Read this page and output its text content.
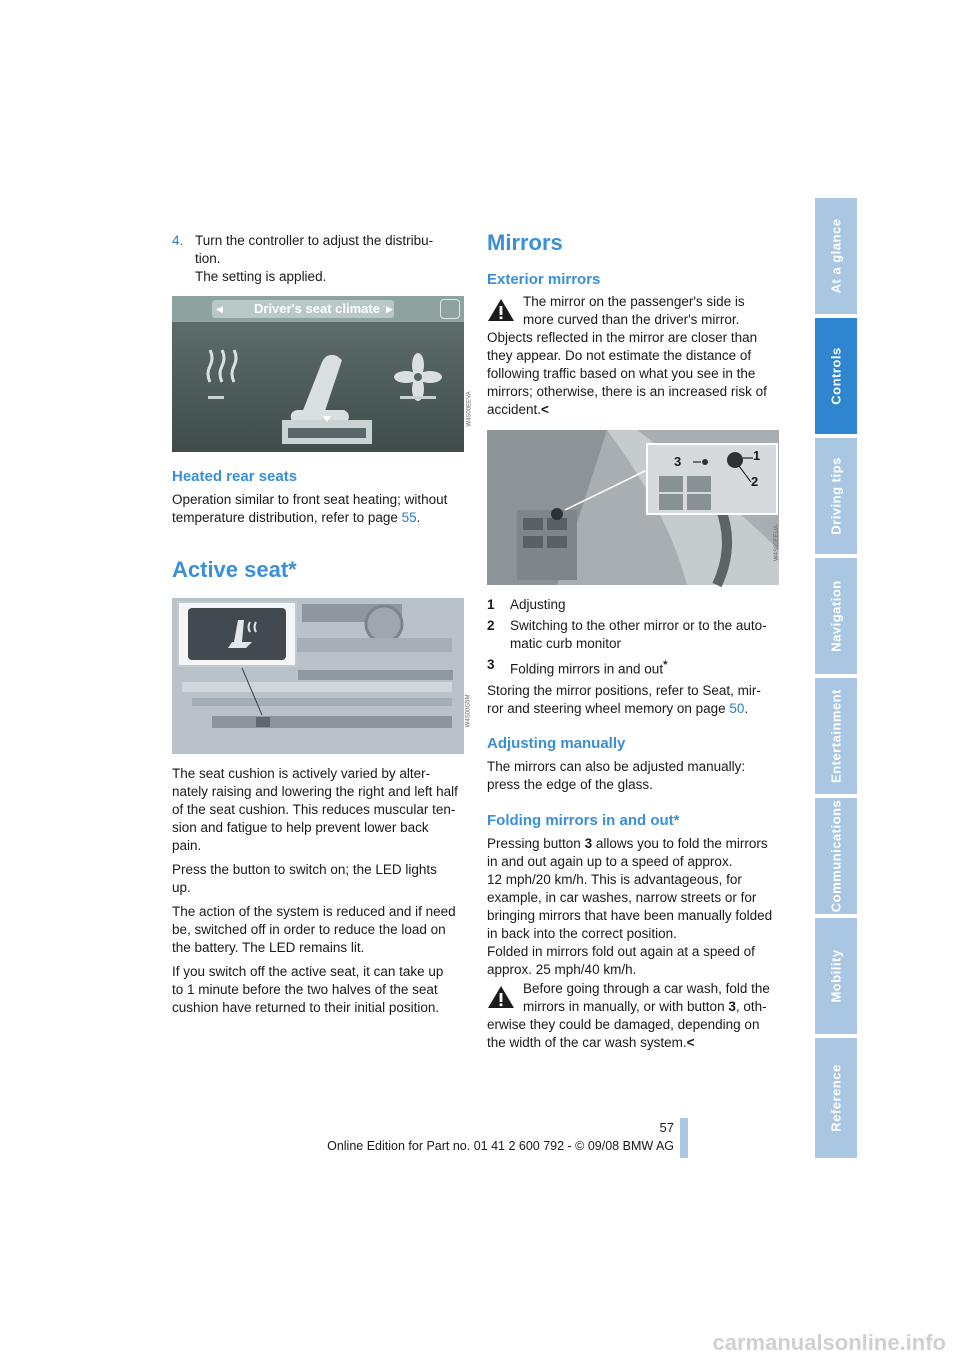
4. Turn the controller to adjust the distribu-

tion.

The setting is applied.

◀ Driver's seat climate ▶
W4S00EEVA
Heated rear seats

Operation similar to front seat heating; without

temperature distribution, refer to page 55.

Active seat*
W4S00G5M

The seat cushion is actively varied by alter-

nately raising and lowering the right and left half

of the seat cushion. This reduces muscular ten-

sion and fatigue to help prevent lower back

pain.

Press the button to switch on; the LED lights

up.

The action of the system is reduced and if need

be, switched off in order to reduce the load on

the battery. The LED remains lit.

If you switch off the active seat, it can take up

to 1 minute before the two halves of the seat

cushion have returned to their initial position.

Mirrors
Exterior mirrors

The mirror on the passenger's side is

more curved than the driver's mirror.

Objects reflected in the mirror are closer than

they appear. Do not estimate the distance of

following traffic based on what you see in the

mirrors; otherwise, there is an increased risk of

accident.<

1
2
3
W4S00EEUA

1	Adjusting

2	Switching to the other mirror or to the auto-

matic curb monitor

3	Folding mirrors in and out*

Storing the mirror positions, refer to Seat, mir-

ror and steering wheel memory on page 50.

Adjusting manually

The mirrors can also be adjusted manually:

press the edge of the glass.

Folding mirrors in and out*

Pressing button 3 allows you to fold the mirrors

in and out again up to a speed of approx.

12 mph/20 km/h. This is advantageous, for

example, in car washes, narrow streets or for

bringing mirrors that have been manually folded

in back into the correct position.

Folded in mirrors fold out again at a speed of

approx. 25 mph/40 km/h.

Before going through a car wash, fold the

mirrors in manually, or with button 3, oth-

erwise they could be damaged, depending on

the width of the car wash system.<

57
Online Edition for Part no. 01 41 2 600 792 - © 09/08 BMW AG
carmanualsonline.info
At a glance
Controls
Driving tips
Navigation
Entertainment
Communications
Mobility
Reference
